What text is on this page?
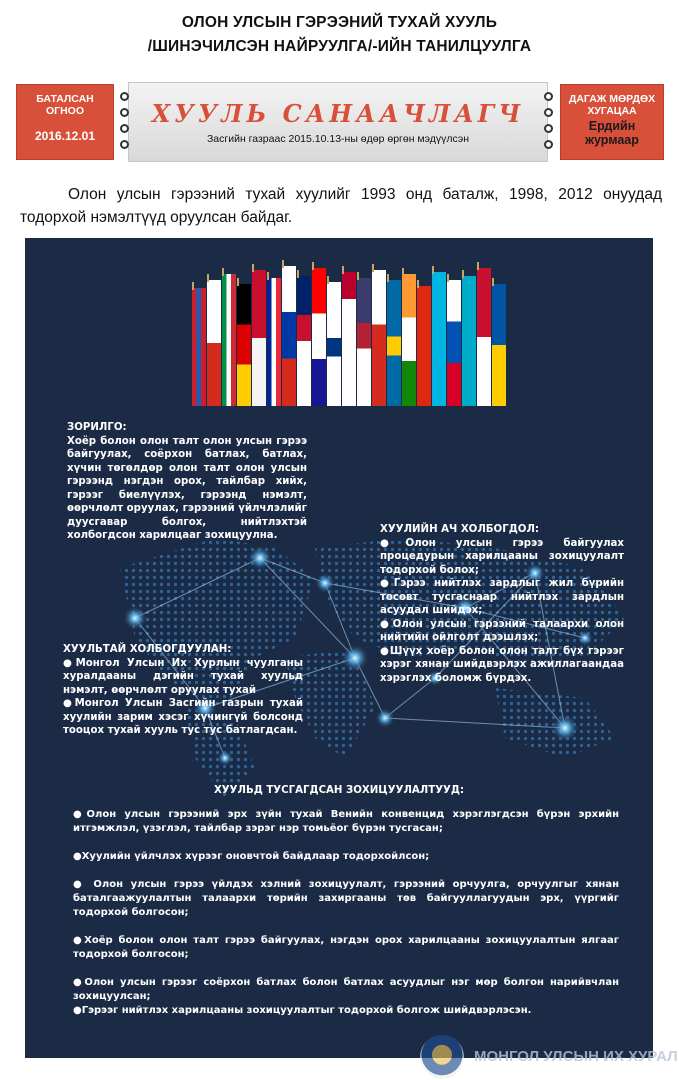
ОЛОН УЛСЫН ГЭРЭЭНИЙ ТУХАЙ ХУУЛЬ
/ШИНЭЧИЛСЭН НАЙРУУЛГА/-ИЙН ТАНИЛЦУУЛГА
БАТАЛСАН ОГНОО
2016.12.01
ХУУЛЬ САНААЧЛАГЧ
Засгийн газраас 2015.10.13-ны өдөр өргөн мэдүүлсэн
ДАГАЖ МӨРДӨХ ХУГАЦАА
Ердийн журмаар

Олон улсын гэрээний тухай хуулийг 1993 онд баталж, 1998, 2012 онуудад тодорхой нэмэлтүүд оруулсан байдаг.

ЗОРИЛГО:

Хоёр болон олон талт олон улсын гэрээ байгуулах, соёрхон батлах, батлах, хүчин төгөлдөр олон талт олон улсын гэрээнд нэгдэн орох, тайлбар хийх, гэрээг биелүүлэх, гэрээнд нэмэлт, өөрчлөлт оруулах, гэрээний үйлчлэлийг дуусгавар болгох, нийтлэхтэй холбогдсон харилцааг зохицуулна.

ХУУЛИЙН АЧ ХОЛБОГДОЛ:

●Олон улсын гэрээ байгуулах процедурын харилцааны зохицуулалт тодорхой болох;

●Гэрээ нийтлэх зардлыг жил бүрийн төсөвт тусгаснаар нийтлэх зардлын асуудал шийдэх;

●Олон улсын гэрээний талаархи олон нийтийн ойлголт дээшлэх;

●Шүүх хоёр болон олон талт бүх гэрээг хэрэг хянан шийдвэрлэх ажиллагаандаа хэрэглэх боломж бүрдэх.

ХУУЛЬТАЙ ХОЛБОГДУУЛАН:

●Монгол Улсын Их Хурлын чуулганы хуралдааны дэгийн тухай хуульд нэмэлт, өөрчлөлт оруулах тухай

●Монгол Улсын Засгийн газрын тухай хуулийн зарим хэсэг хүчингүй болсонд тооцох тухай хууль тус тус батлагдсан.

ХУУЛЬД ТУСГАГДСАН ЗОХИЦУУЛАЛТУУД:

●Олон улсын гэрээний эрх зүйн тухай Венийн конвенцид хэрэглэгдсэн бүрэн эрхийн итгэмжлэл, үзэглэл, тайлбар зэрэг нэр томьёог бүрэн тусгасан;

●Хуулийн үйлчлэх хүрээг оновчтой байдлаар тодорхойлсон;

● Олон улсын гэрээ үйлдэх хэлний зохицуулалт, гэрээний орчуулга, орчуулгыг хянан баталгаажуулалтын талаархи төрийн захиргааны төв байгууллагуудын эрх, үүргийг тодорхой болгосон;

●Хоёр болон олон талт гэрээ байгуулах, нэгдэн орох харилцааны зохицуулалтын ялгааг тодорхой болгосон;

●Олон улсын гэрээг соёрхон батлах болон батлах асуудлыг нэг мөр болгон нарийвчлан зохицуулсан;

●Гэрээг нийтлэх харилцааны зохицуулалтыг тодорхой болгож шийдвэрлэсэн.

МОНГОЛ УЛСЫН ИХ ХУРАЛ
